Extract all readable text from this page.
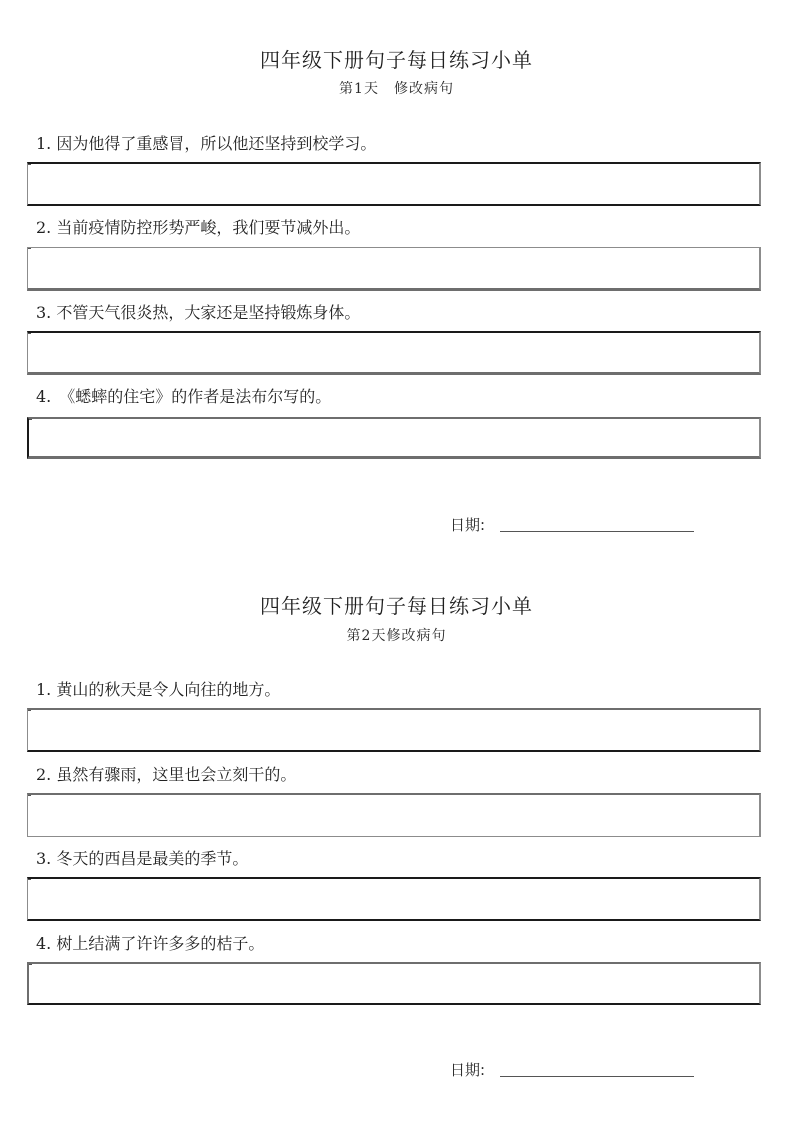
四年级下册句子每日练习小单
第1天　修改病句
1. 因为他得了重感冒，所以他还坚持到校学习。
2. 当前疫情防控形势严峻，我们要节减外出。
3. 不管天气很炎热，大家还是坚持锻炼身体。
4.　《蟋蟀的住宅》的作者是法布尔写的。
日期:
四年级下册句子每日练习小单
第2天修改病句
1. 黄山的秋天是令人向往的地方。
2. 虽然有骤雨，这里也会立刻干的。
3. 冬天的西昌是最美的季节。
4. 树上结满了许许多多的桔子。
日期:
